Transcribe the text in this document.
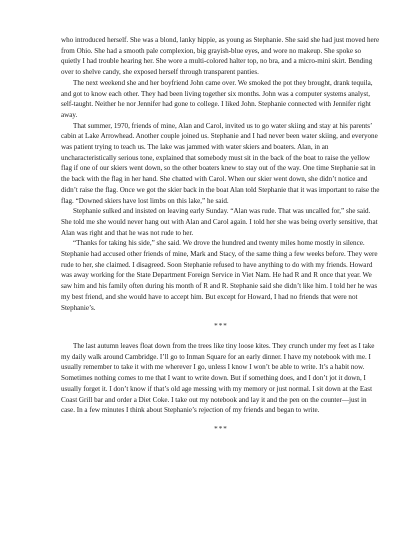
who introduced herself. She was a blond, lanky hippie, as young as Stephanie. She said she had just moved here from Ohio. She had a smooth pale complexion, big grayish-blue eyes, and wore no makeup. She spoke so quietly I had trouble hearing her. She wore a multi-colored halter top, no bra, and a micro-mini skirt. Bending over to shelve candy, she exposed herself through transparent panties.

The next weekend she and her boyfriend John came over. We smoked the pot they brought, drank tequila, and got to know each other. They had been living together six months. John was a computer systems analyst, self-taught. Neither he nor Jennifer had gone to college. I liked John. Stephanie connected with Jennifer right away.

That summer, 1970, friends of mine, Alan and Carol, invited us to go water skiing and stay at his parents’ cabin at Lake Arrowhead. Another couple joined us. Stephanie and I had never been water skiing, and everyone was patient trying to teach us. The lake was jammed with water skiers and boaters. Alan, in an uncharacteristically serious tone, explained that somebody must sit in the back of the boat to raise the yellow flag if one of our skiers went down, so the other boaters knew to stay out of the way. One time Stephanie sat in the back with the flag in her hand. She chatted with Carol. When our skier went down, she didn’t notice and didn’t raise the flag. Once we got the skier back in the boat Alan told Stephanie that it was important to raise the flag. “Downed skiers have lost limbs on this lake,” he said.

Stephanie sulked and insisted on leaving early Sunday. “Alan was rude. That was uncalled for,” she said. She told me she would never hang out with Alan and Carol again. I told her she was being overly sensitive, that Alan was right and that he was not rude to her.

“Thanks for taking his side,” she said. We drove the hundred and twenty miles home mostly in silence. Stephanie had accused other friends of mine, Mark and Stacy, of the same thing a few weeks before. They were rude to her, she claimed. I disagreed. Soon Stephanie refused to have anything to do with my friends. Howard was away working for the State Department Foreign Service in Viet Nam. He had R and R once that year. We saw him and his family often during his month of R and R. Stephanie said she didn’t like him. I told her he was my best friend, and she would have to accept him. But except for Howard, I had no friends that were not Stephanie’s.

***

The last autumn leaves float down from the trees like tiny loose kites. They crunch under my feet as I take my daily walk around Cambridge. I’ll go to Inman Square for an early dinner. I have my notebook with me. I usually remember to take it with me wherever I go, unless I know I won’t be able to write. It’s a habit now. Sometimes nothing comes to me that I want to write down. But if something does, and I don’t jot it down, I usually forget it. I don’t know if that’s old age messing with my memory or just normal. I sit down at the East Coast Grill bar and order a Diet Coke. I take out my notebook and lay it and the pen on the counter—just in case. In a few minutes I think about Stephanie’s rejection of my friends and began to write.

***
